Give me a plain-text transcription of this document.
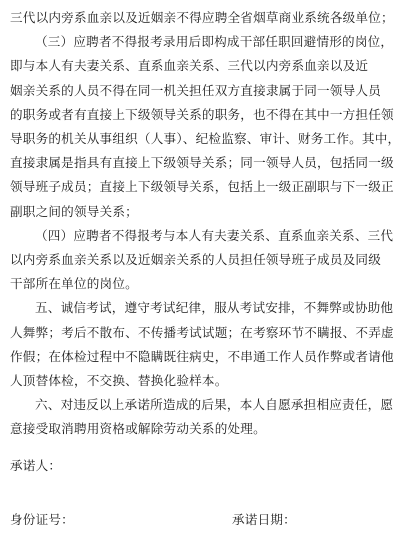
三代以内旁系血亲以及近姻亲不得应聘全省烟草商业系统各级单位；

（三）应聘者不得报考录用后即构成干部任职回避情形的岗位，
即与本人有夫妻关系、直系血亲关系、三代以内旁系血亲以及近
姻亲关系的人员不得在同一机关担任双方直接隶属于同一领导人员
的职务或者有直接上下级领导关系的职务，也不得在其中一方担任领
导职务的机关从事组织（人事）、纪检监察、审计、财务工作。其中，
直接隶属是指具有直接上下级领导关系；同一领导人员，包括同一级
领导班子成员；直接上下级领导关系，包括上一级正副职与下一级正
副职之间的领导关系；

（四）应聘者不得报考与本人有夫妻关系、直系血亲关系、三代
以内旁系血亲关系以及近姻亲关系的人员担任领导班子成员及同级
干部所在单位的岗位。

五、诚信考试，遵守考试纪律，服从考试安排，不舞弊或协助他
人舞弊；考后不散布、不传播考试试题；在考察环节不瞒报、不弄虚
作假；在体检过程中不隐瞒既往病史，不串通工作人员作弊或者请他
人顶替体检，不交换、替换化验样本。

六、对违反以上承诺所造成的后果，本人自愿承担相应责任，愿
意接受取消聘用资格或解除劳动关系的处理。

承诺人：
身份证号：	承诺日期：
